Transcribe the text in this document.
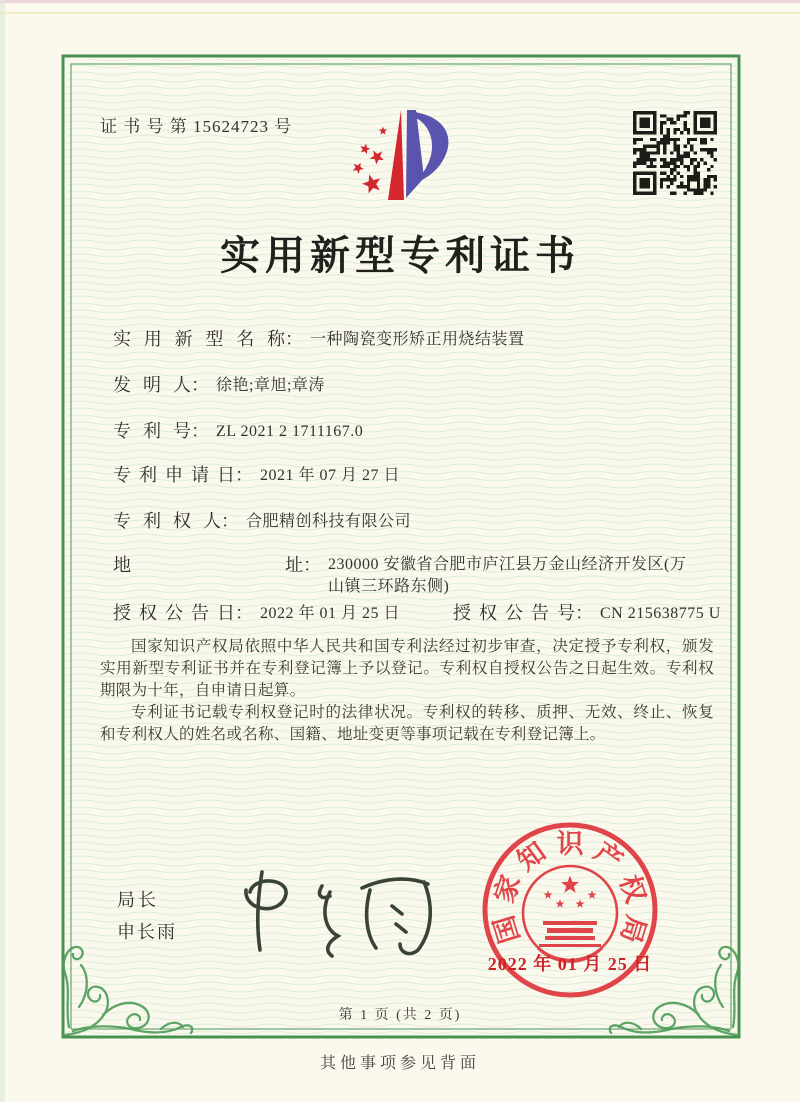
证 书 号 第 15624723 号
实用新型专利证书
实用新型名称： 一种陶瓷变形矫正用烧结装置
发明人： 徐艳;章旭;章涛
专利号： ZL 2021 2 1711167.0
专利申请日： 2021 年 07 月 27 日
专利权人： 合肥精创科技有限公司
地址： 230000 安徽省合肥市庐江县万金山经济开发区(万山镇三环路东侧)
授权公告日： 2022 年 01 月 25 日	授权公告号： CN 215638775 U

国家知识产权局依照中华人民共和国专利法经过初步审查，决定授予专利权，颁发实用新型专利证书并在专利登记簿上予以登记。专利权自授权公告之日起生效。专利权期限为十年，自申请日起算。

专利证书记载专利权登记时的法律状况。专利权的转移、质押、无效、终止、恢复和专利权人的姓名或名称、国籍、地址变更等事项记载在专利登记簿上。

局长
申长雨	国
家
知 识 产
权
局
2022 年 01 月 25 日
第 1 页 (共 2 页)
其他事项参见背面
